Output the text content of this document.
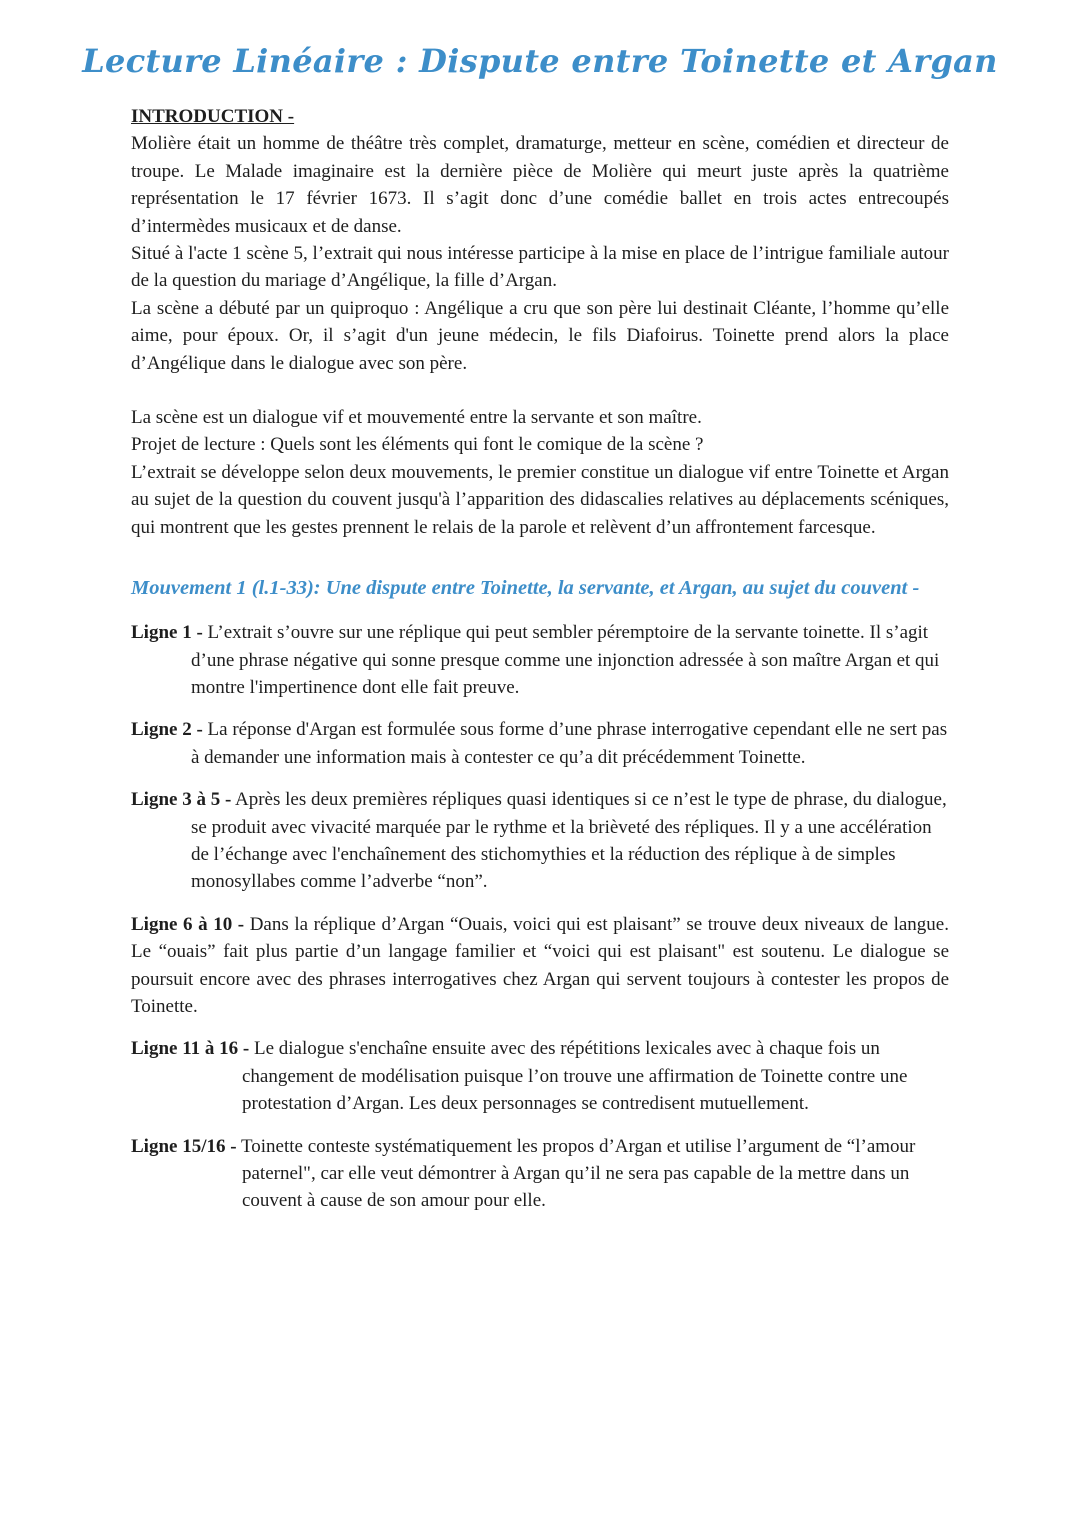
Lecture Linéaire : Dispute entre Toinette et Argan

INTRODUCTION -

Molière était un homme de théâtre très complet, dramaturge, metteur en scène, comédien et directeur de troupe. Le Malade imaginaire est la dernière pièce de Molière qui meurt juste après la quatrième représentation le 17 février 1673. Il s’agit donc d’une comédie ballet en trois actes entrecoupés d’intermèdes musicaux et de danse.

Situé à l'acte 1 scène 5, l’extrait qui nous intéresse participe à la mise en place de l’intrigue familiale autour de la question du mariage d’Angélique, la fille d’Argan.

La scène a débuté par un quiproquo : Angélique a cru que son père lui destinait Cléante, l’homme qu’elle aime, pour époux. Or, il s’agit d'un jeune médecin, le fils Diafoirus. Toinette prend alors la place d’Angélique dans le dialogue avec son père.

La scène est un dialogue vif et mouvementé entre la servante et son maître.

Projet de lecture : Quels sont les éléments qui font le comique de la scène ?

L’extrait se développe selon deux mouvements, le premier constitue un dialogue vif entre Toinette et Argan au sujet de la question du couvent jusqu'à l’apparition des didascalies relatives au déplacements scéniques, qui montrent que les gestes prennent le relais de la parole et relèvent d’un affrontement farcesque.

Mouvement 1 (l.1-33): Une dispute entre Toinette, la servante, et Argan, au sujet du couvent -

Ligne 1 - L’extrait s’ouvre sur une réplique qui peut sembler péremptoire de la servante toinette. Il s’agit d’une phrase négative qui sonne presque comme une injonction adressée à son maître Argan et qui montre l'impertinence dont elle fait preuve.

Ligne 2 - La réponse d'Argan est formulée sous forme d’une phrase interrogative cependant elle ne sert pas à demander une information mais à contester ce qu’a dit précédemment Toinette.

Ligne 3 à 5 - Après les deux premières répliques quasi identiques si ce n’est le type de phrase, du dialogue, se produit avec vivacité marquée par le rythme et la brièveté des répliques. Il y a une accélération de l’échange avec l'enchaînement des stichomythies et la réduction des réplique à de simples monosyllabes comme l’adverbe “non”.

Ligne 6 à 10 - Dans la réplique d’Argan “Ouais, voici qui est plaisant” se trouve deux niveaux de langue. Le “ouais” fait plus partie d’un langage familier et “voici qui est plaisant" est soutenu. Le dialogue se poursuit encore avec des phrases interrogatives chez Argan qui servent toujours à contester les propos de Toinette.

Ligne 11 à 16 - Le dialogue s'enchaîne ensuite avec des répétitions lexicales avec à chaque fois un changement de modélisation puisque l’on trouve une affirmation de Toinette contre une protestation d’Argan. Les deux personnages se contredisent mutuellement.

Ligne 15/16 - Toinette conteste systématiquement les propos d’Argan et utilise l’argument de “l’amour paternel", car elle veut démontrer à Argan qu’il ne sera pas capable de la mettre dans un couvent à cause de son amour pour elle.
